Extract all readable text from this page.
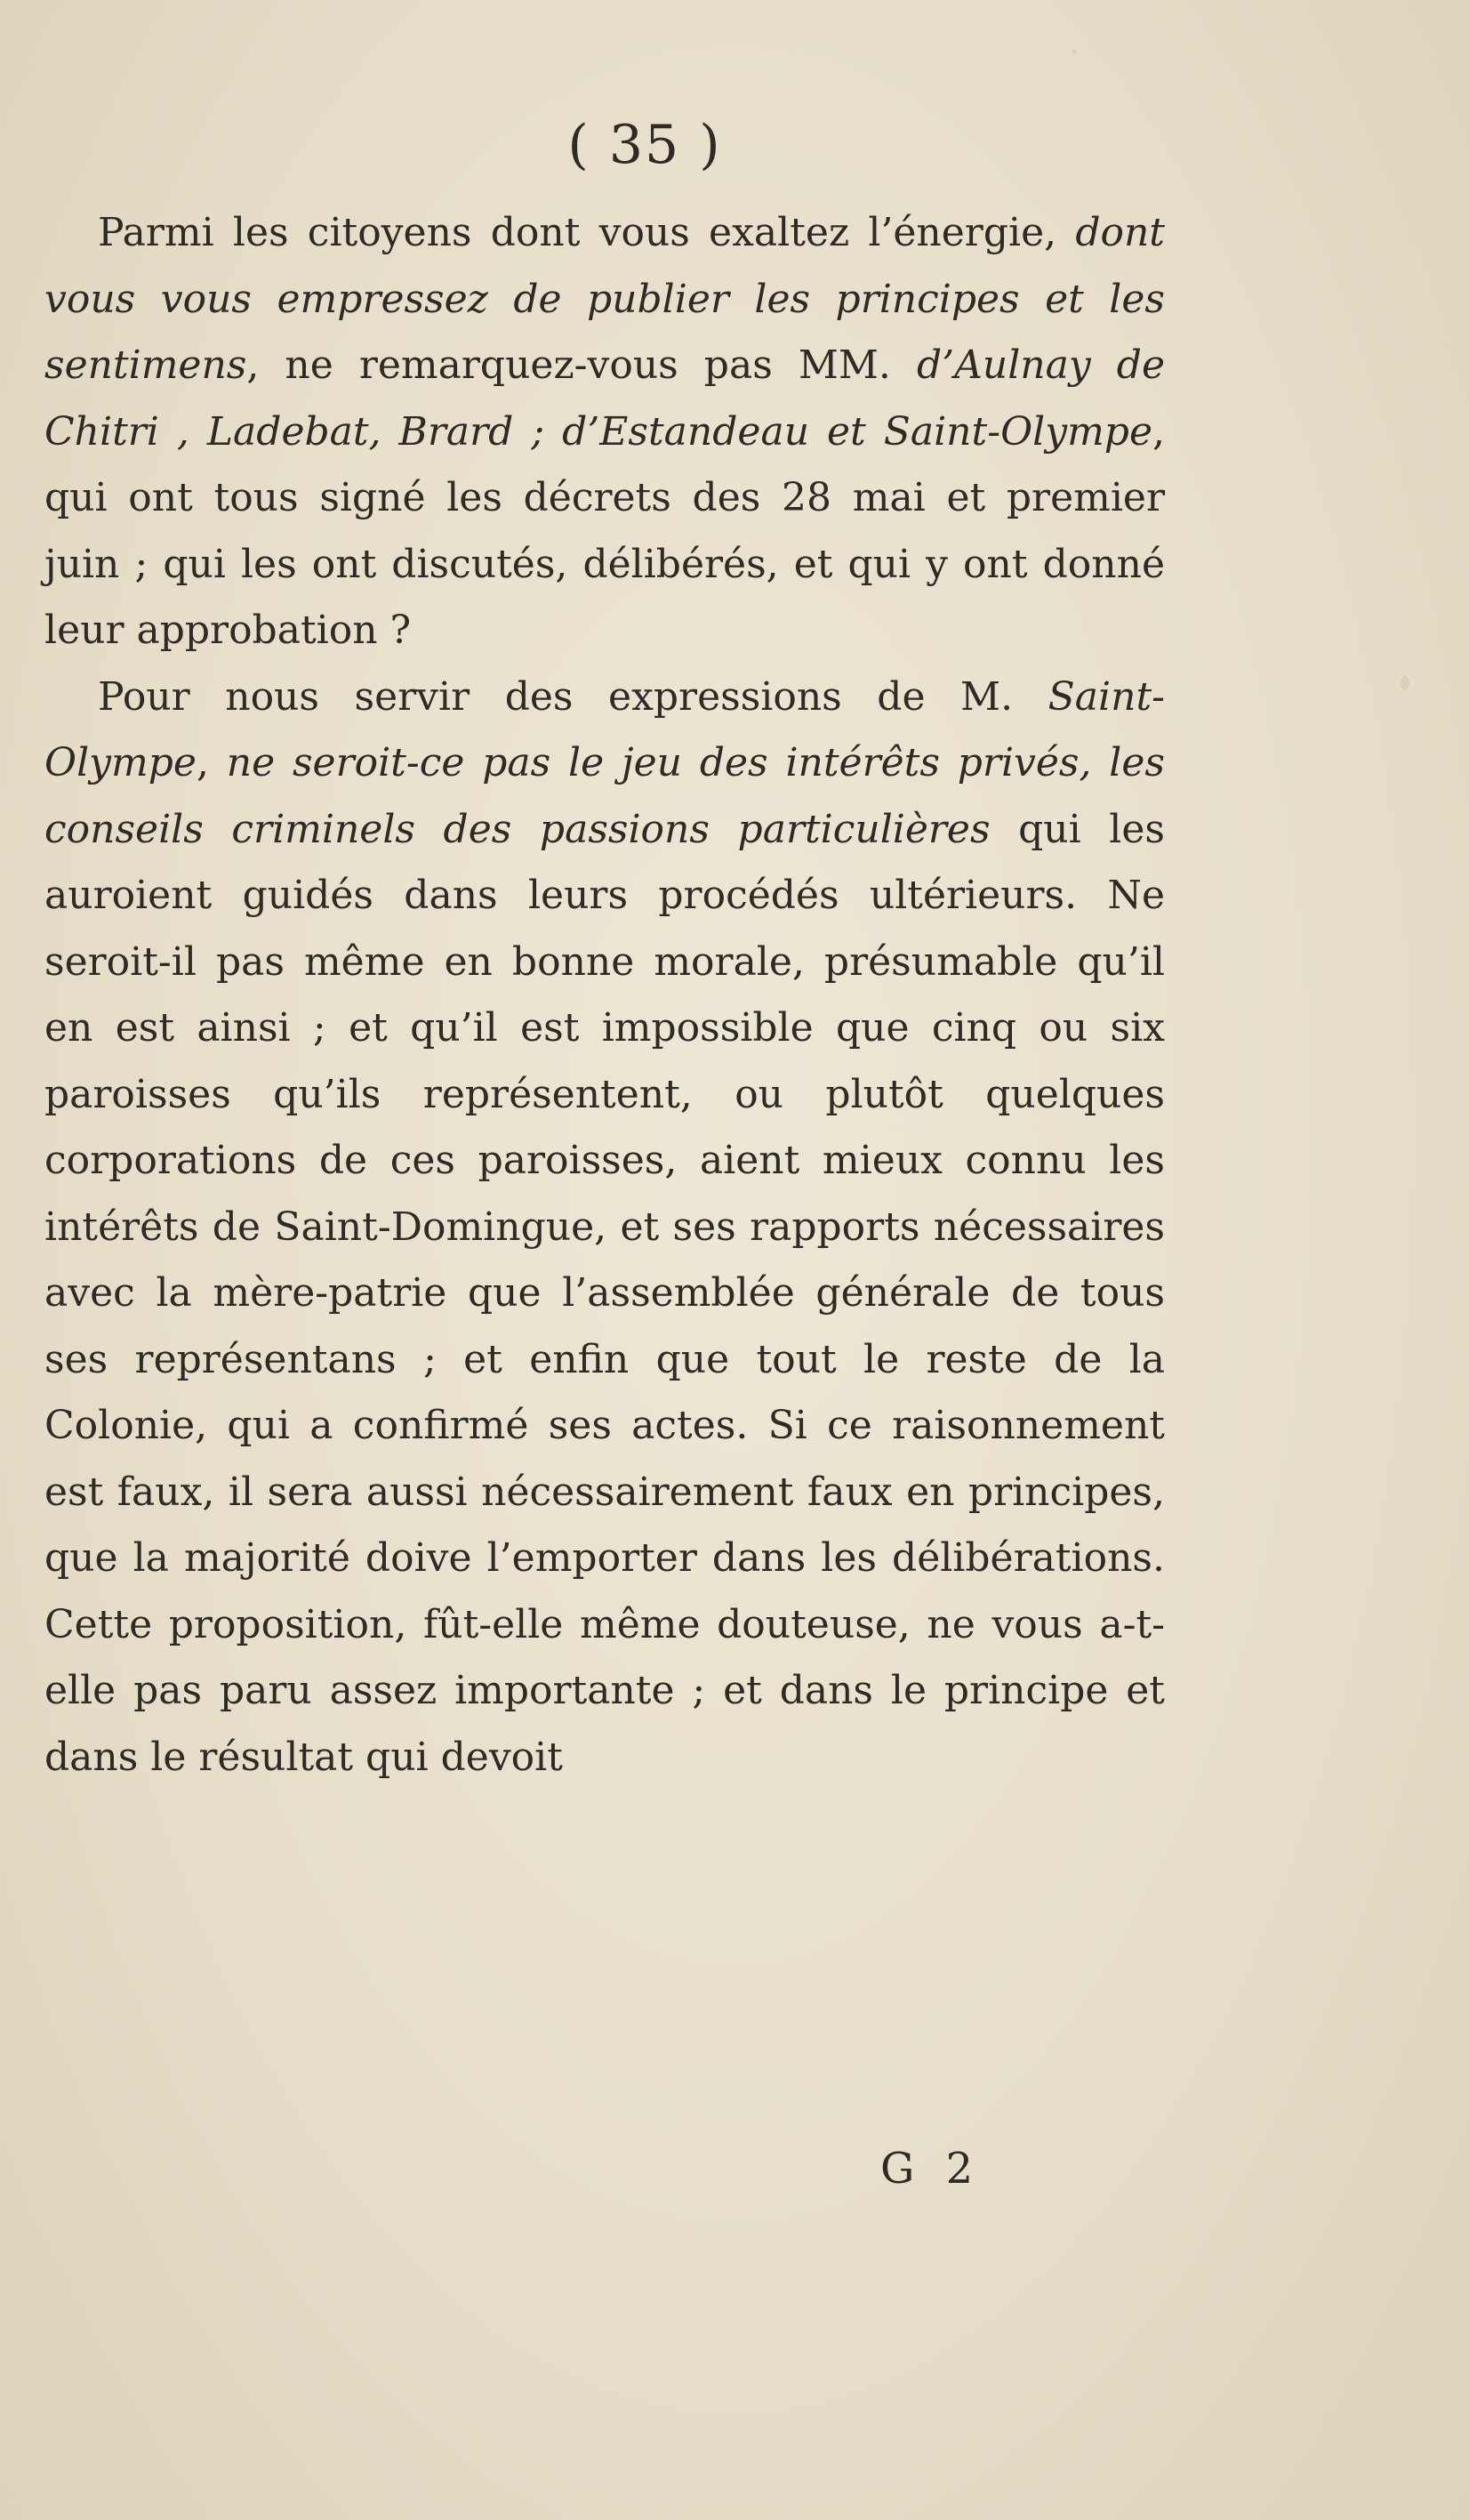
( 35 )

Parmi les citoyens dont vous exaltez l’énergie, dont vous vous empressez de publier les principes et les sentimens, ne remarquez-vous pas MM. d’Aulnay de Chitri , Ladebat, Brard ; d’Estandeau et Saint-Olympe, qui ont tous signé les décrets des 28 mai et premier juin ; qui les ont discutés, délibérés, et qui y ont donné leur approbation ?

Pour nous servir des expressions de M. Saint-Olympe, ne seroit-ce pas le jeu des intérêts privés, les conseils criminels des passions particulières qui les auroient guidés dans leurs procédés ultérieurs. Ne seroit-il pas même en bonne morale, présumable qu’il en est ainsi ; et qu’il est impossible que cinq ou six paroisses qu’ils représentent, ou plutôt quelques corporations de ces paroisses, aient mieux connu les intérêts de Saint-Domingue, et ses rapports nécessaires avec la mère-patrie que l’assemblée générale de tous ses représentans ; et enfin que tout le reste de la Colonie, qui a confirmé ses actes. Si ce raisonnement est faux, il sera aussi nécessairement faux en principes, que la majorité doive l’emporter dans les délibérations. Cette proposition, fût-elle même douteuse, ne vous a-t-elle pas paru assez importante ; et dans le principe et dans le résultat qui devoit

G 2
